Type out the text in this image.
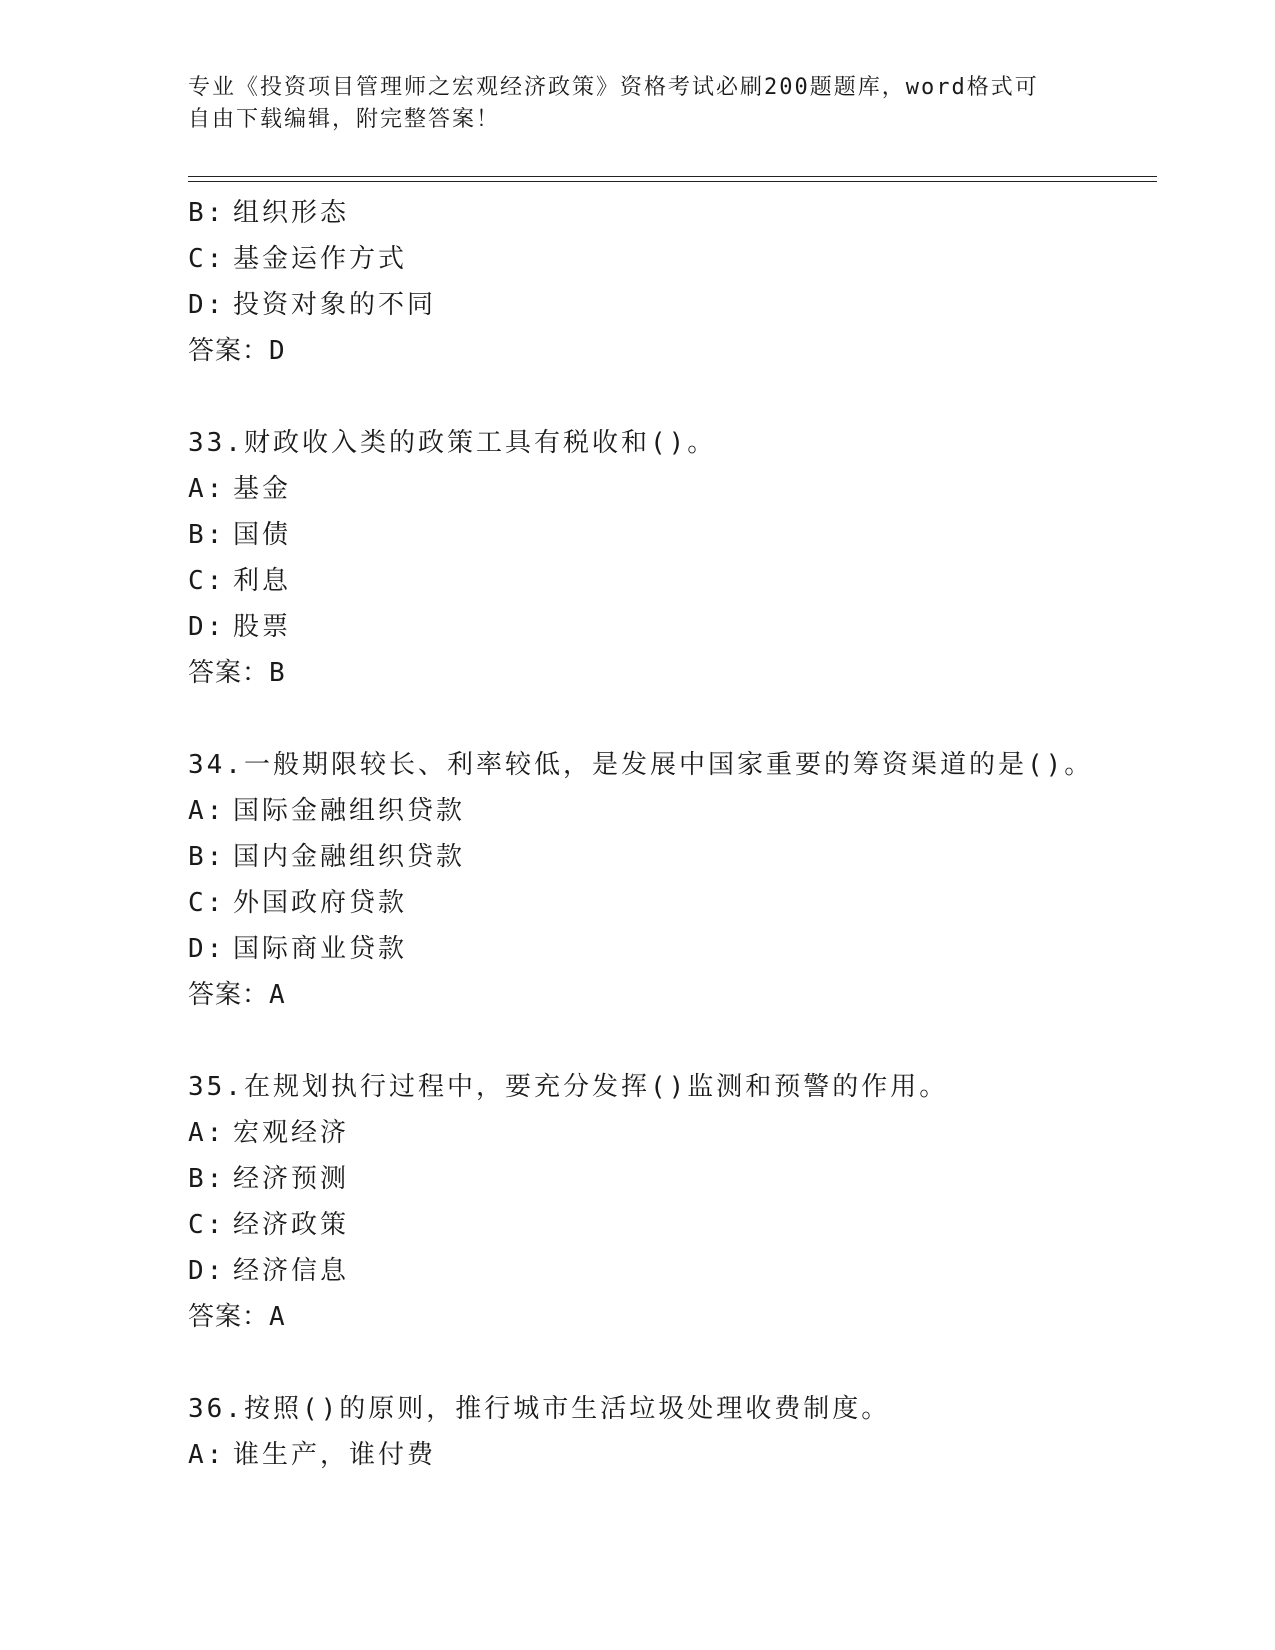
专业《投资项目管理师之宏观经济政策》资格考试必刷200题题库，word格式可
自由下载编辑，附完整答案！
B: 组织形态
C: 基金运作方式
D: 投资对象的不同
答案：D
33.财政收入类的政策工具有税收和()。
A: 基金
B: 国债
C: 利息
D: 股票
答案：B
34.一般期限较长、利率较低，是发展中国家重要的筹资渠道的是()。
A: 国际金融组织贷款
B: 国内金融组织贷款
C: 外国政府贷款
D: 国际商业贷款
答案：A
35.在规划执行过程中，要充分发挥()监测和预警的作用。
A: 宏观经济
B: 经济预测
C: 经济政策
D: 经济信息
答案：A
36.按照()的原则，推行城市生活垃圾处理收费制度。
A: 谁生产，谁付费
